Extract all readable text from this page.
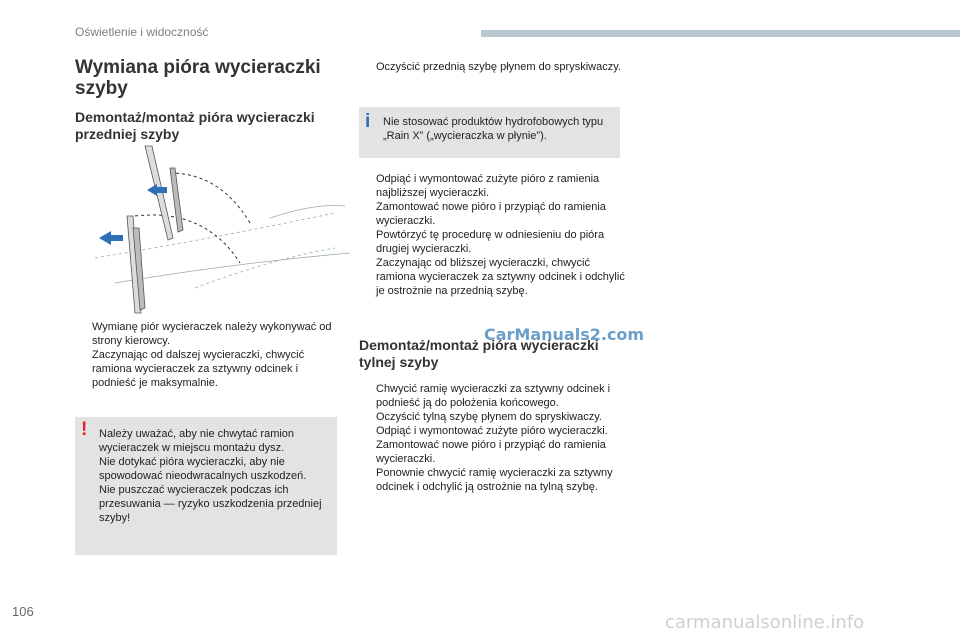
Oświetlenie i widoczność
Wymiana pióra wycieraczki szyby
Demontaż/montaż pióra wycieraczki przedniej szyby
Wymianę piór wycieraczek należy wykonywać od strony kierowcy.
Zaczynając od dalszej wycieraczki, chwycić ramiona wycieraczek za sztywny odcinek i podnieść je maksymalnie.
! Należy uważać, aby nie chwytać ramion wycieraczek w miejscu montażu dysz.
Nie dotykać pióra wycieraczki, aby nie spowodować nieodwracalnych uszkodzeń.
Nie puszczać wycieraczek podczas ich przesuwania — ryzyko uszkodzenia przedniej szyby!
Oczyścić przednią szybę płynem do spryskiwaczy.
i Nie stosować produktów hydrofobowych typu „Rain X” („wycieraczka w płynie”).
Odpiąć i wymontować zużyte pióro z ramienia najbliższej wycieraczki.
Zamontować nowe pióro i przypiąć do ramienia wycieraczki.
Powtórzyć tę procedurę w odniesieniu do pióra drugiej wycieraczki.
Zaczynając od bliższej wycieraczki, chwycić ramiona wycieraczek za sztywny odcinek i odchylić je ostrożnie na przednią szybę.
CarManuals2.com
Demontaż/montaż pióra wycieraczki tylnej szyby
Chwycić ramię wycieraczki za sztywny odcinek i podnieść ją do położenia końcowego.
Oczyścić tylną szybę płynem do spryskiwaczy.
Odpiąć i wymontować zużyte pióro wycieraczki.
Zamontować nowe pióro i przypiąć do ramienia wycieraczki.
Ponownie chwycić ramię wycieraczki za sztywny odcinek i odchylić ją ostrożnie na tylną szybę.
106
carmanualsonline.info
